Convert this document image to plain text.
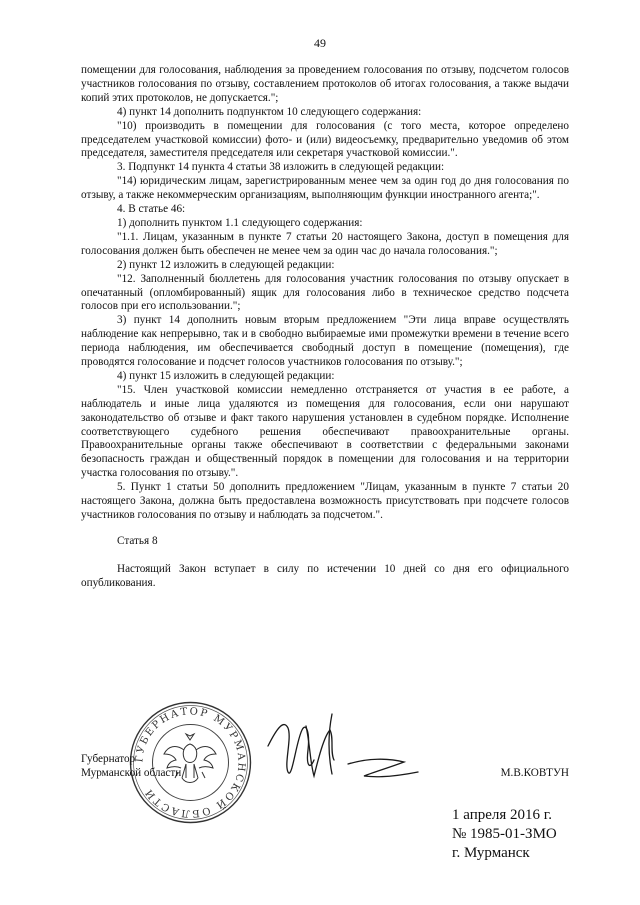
49

помещении для голосования, наблюдения за проведением голосования по отзыву, подсчетом голосов участников голосования по отзыву, составлением протоколов об итогах голосования, а также выдачи копий этих протоколов, не допускается.";

4) пункт 14 дополнить подпунктом 10 следующего содержания:

"10) производить в помещении для голосования (с того места, которое определено председателем участковой комиссии) фото- и (или) видеосъемку, предварительно уведомив об этом председателя, заместителя председателя или секретаря участковой комиссии.".

3. Подпункт 14 пункта 4 статьи 38 изложить в следующей редакции:

"14) юридическим лицам, зарегистрированным менее чем за один год до дня голосования по отзыву, а также некоммерческим организациям, выполняющим функции иностранного агента;".

4. В статье 46:

1) дополнить пунктом 1.1 следующего содержания:

"1.1. Лицам, указанным в пункте 7 статьи 20 настоящего Закона, доступ в помещения для голосования должен быть обеспечен не менее чем за один час до начала голосования.";

2) пункт 12 изложить в следующей редакции:

"12. Заполненный бюллетень для голосования участник голосования по отзыву опускает в опечатанный (опломбированный) ящик для голосования либо в техническое средство подсчета голосов при его использовании.";

3) пункт 14 дополнить новым вторым предложением "Эти лица вправе осуществлять наблюдение как непрерывно, так и в свободно выбираемые ими промежутки времени в течение всего периода наблюдения, им обеспечивается свободный доступ в помещение (помещения), где проводятся голосование и подсчет голосов участников голосования по отзыву.";

4) пункт 15 изложить в следующей редакции:

"15. Член участковой комиссии немедленно отстраняется от участия в ее работе, а наблюдатель и иные лица удаляются из помещения для голосования, если они нарушают законодательство об отзыве и факт такого нарушения установлен в судебном порядке. Исполнение соответствующего судебного решения обеспечивают правоохранительные органы. Правоохранительные органы также обеспечивают в соответствии с федеральными законами безопасность граждан и общественный порядок в помещении для голосования и на территории участка голосования по отзыву.".

5. Пункт 1 статьи 50 дополнить предложением "Лицам, указанным в пункте 7 статьи 20 настоящего Закона, должна быть предоставлена возможность присутствовать при подсчете голосов участников голосования по отзыву и наблюдать за подсчетом.".

Статья 8

Настоящий Закон вступает в силу по истечении 10 дней со дня его официального опубликования.

ГУБЕРНАТОР МУРМАНСКОЙ ОБЛАСТИ
Губернатор
Мурманской области	М.В.КОВТУН
1 апреля 2016 г.
№ 1985-01-ЗМО
г. Мурманск
